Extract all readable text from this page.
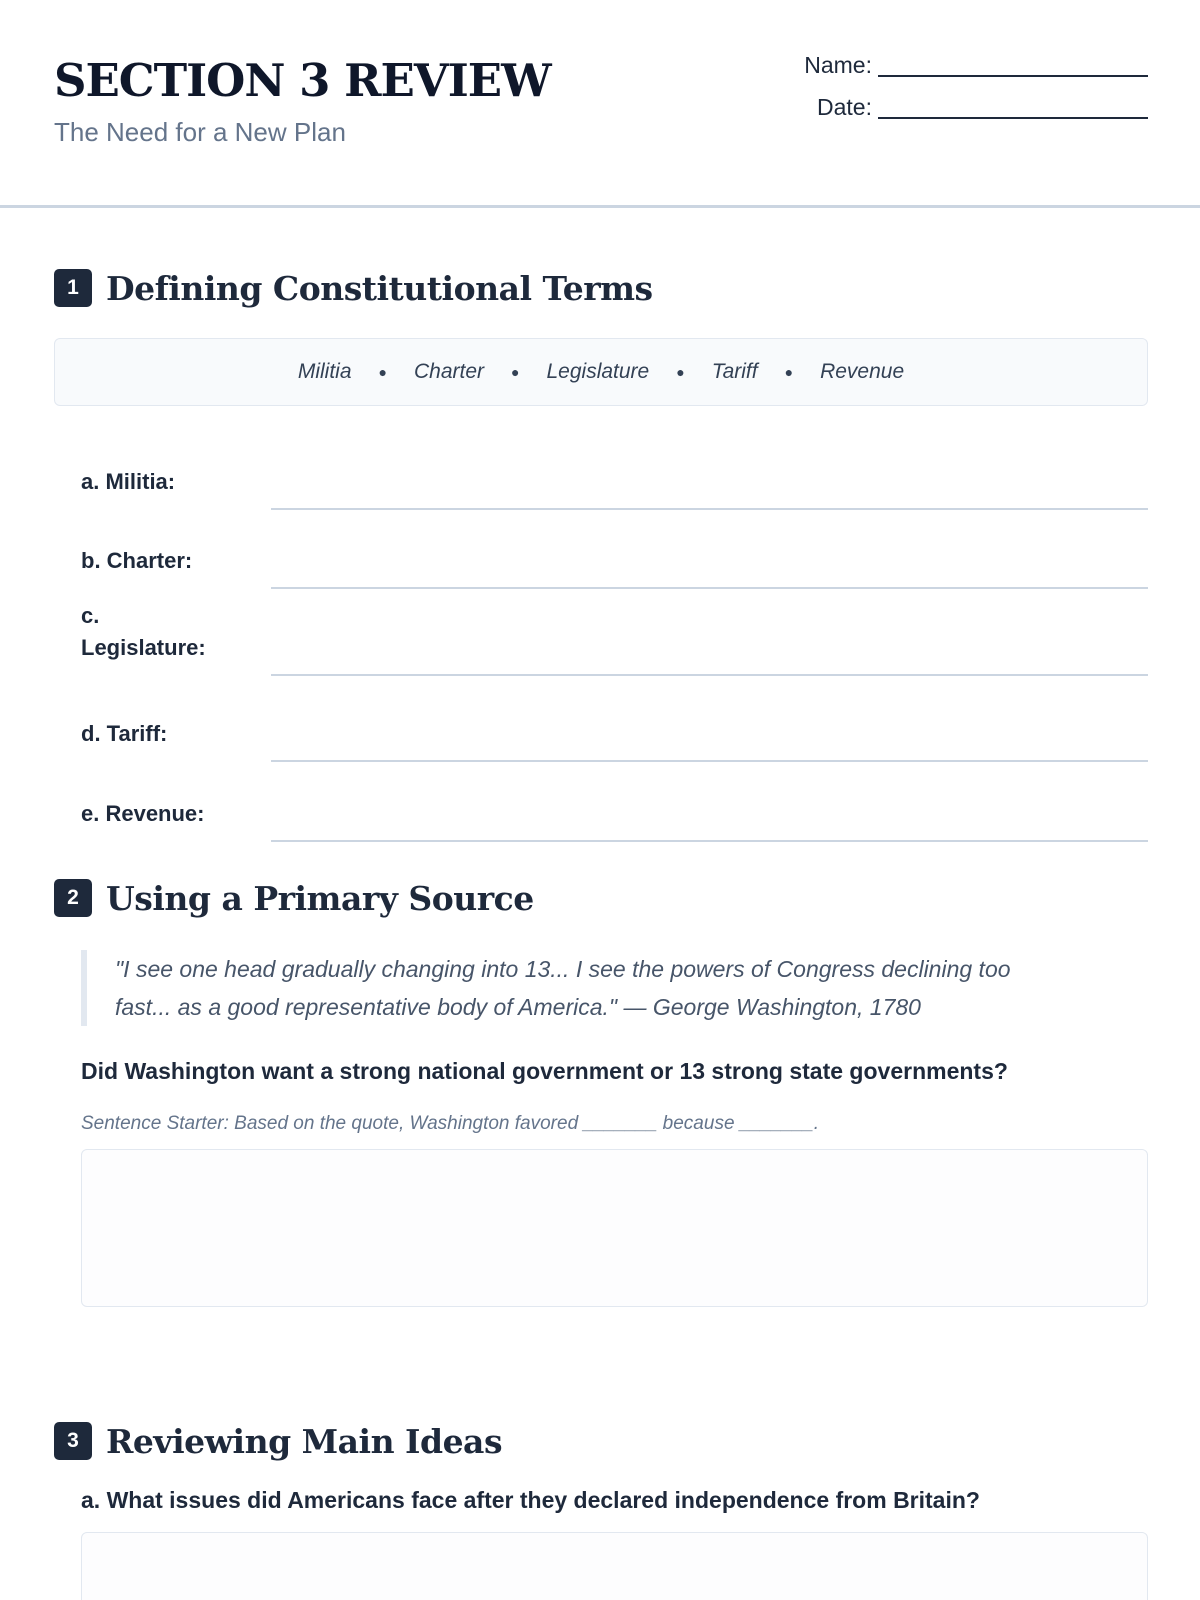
SECTION 3 REVIEW
The Need for a New Plan
Name:
Date:
1 Defining Constitutional Terms
Militia ● Charter ● Legislature ● Tariff ● Revenue
a. Militia:
b. Charter:
c.
Legislature:
d. Tariff:
e. Revenue:
2 Using a Primary Source
"I see one head gradually changing into 13... I see the powers of Congress declining too
fast... as a good representative body of America." — George Washington, 1780
Did Washington want a strong national government or 13 strong state governments?
Sentence Starter: Based on the quote, Washington favored _______ because _______.
3 Reviewing Main Ideas
a. What issues did Americans face after they declared independence from Britain?
